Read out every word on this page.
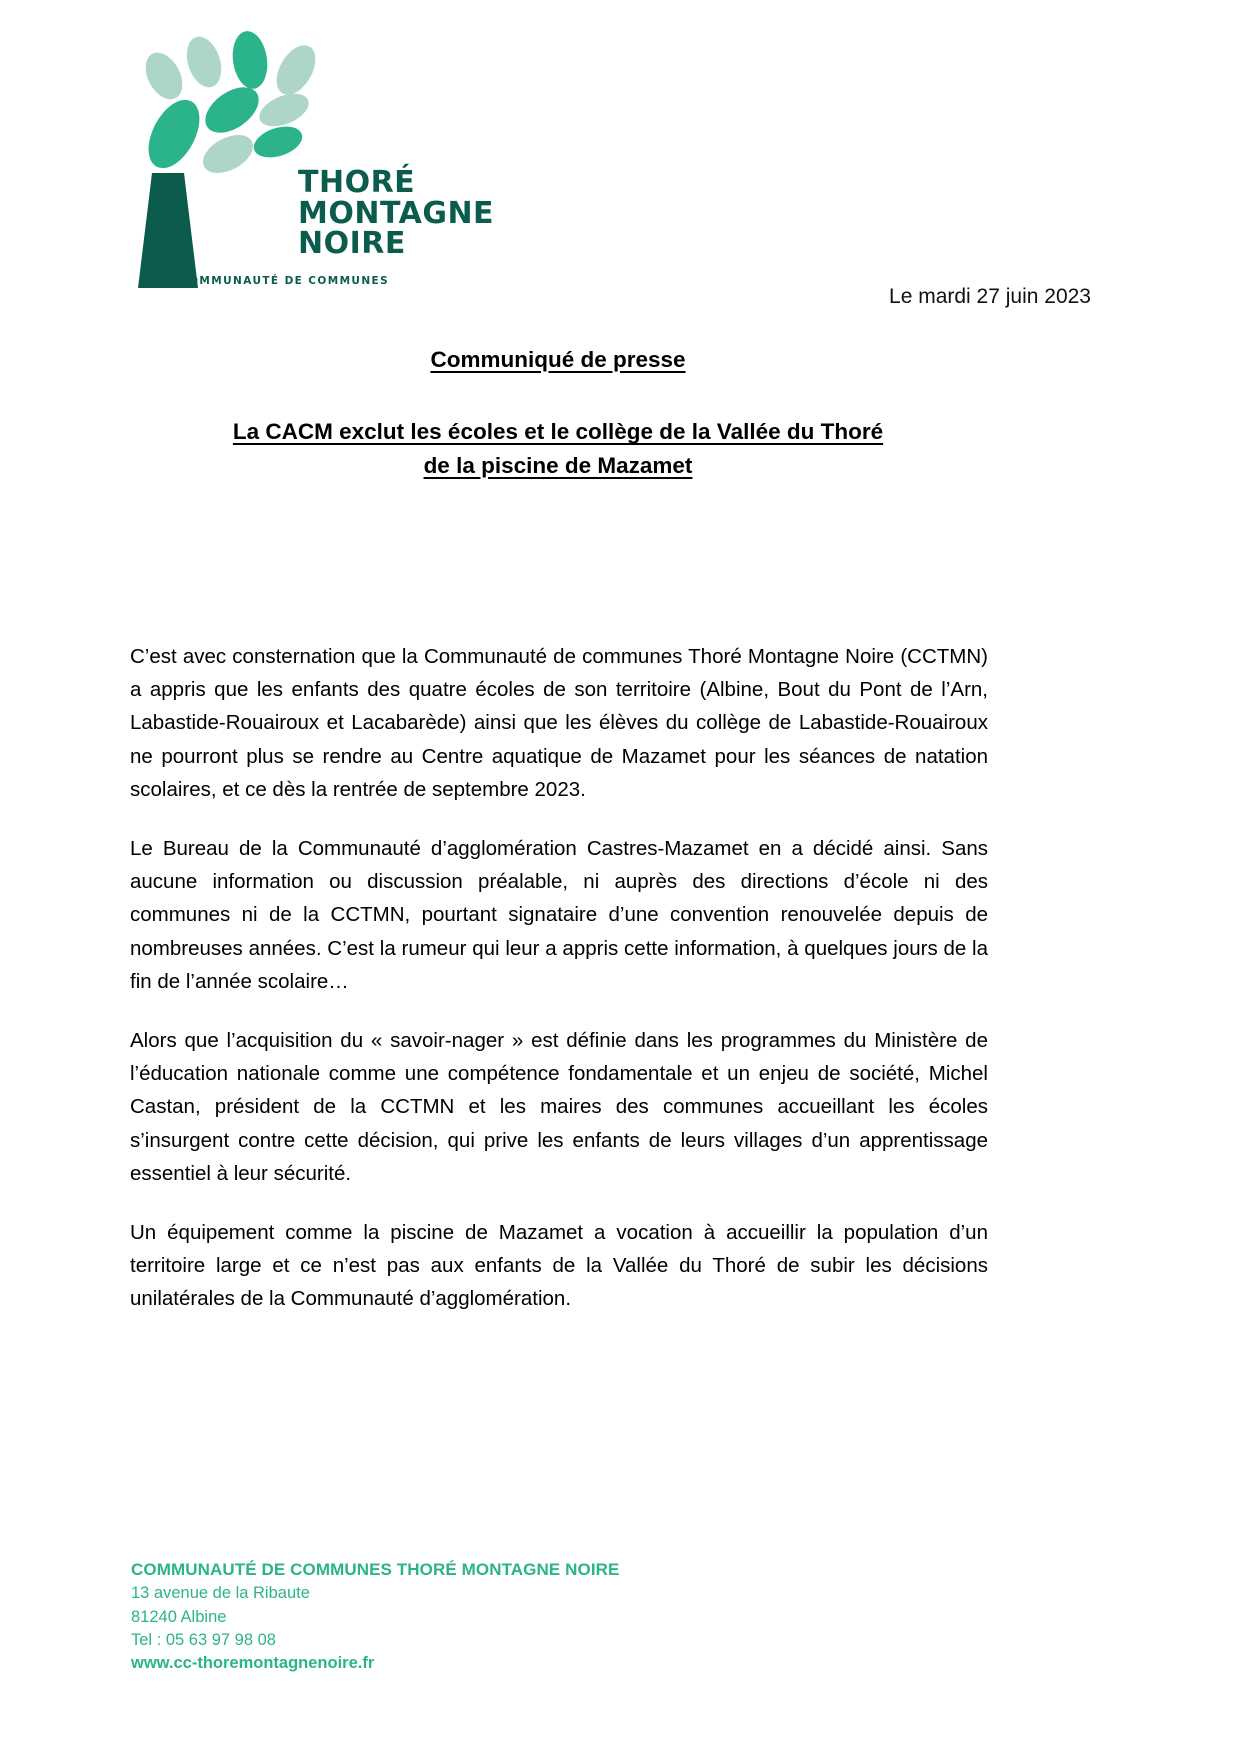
THORÉ
MONTAGNE
NOIRE
COMMUNAUTÉ DE COMMUNES
Le mardi 27 juin 2023
Communiqué de presse
La CACM exclut les écoles et le collège de la Vallée du Thoré
de la piscine de Mazamet

C’est avec consternation que la Communauté de communes Thoré Montagne Noire (CCTMN) a appris que les enfants des quatre écoles de son territoire (Albine, Bout du Pont de l’Arn, Labastide-Rouairoux et Lacabarède) ainsi que les élèves du collège de Labastide-Rouairoux ne pourront plus se rendre au Centre aquatique de Mazamet pour les séances de natation scolaires, et ce dès la rentrée de septembre 2023.

Le Bureau de la Communauté d’agglomération Castres-Mazamet en a décidé ainsi. Sans aucune information ou discussion préalable, ni auprès des directions d’école ni des communes ni de la CCTMN, pourtant signataire d’une convention renouvelée depuis de nombreuses années. C’est la rumeur qui leur a appris cette information, à quelques jours de la fin de l’année scolaire…

Alors que l’acquisition du « savoir-nager » est définie dans les programmes du Ministère de l’éducation nationale comme une compétence fondamentale et un enjeu de société, Michel Castan, président de la CCTMN et les maires des communes accueillant les écoles s’insurgent contre cette décision, qui prive les enfants de leurs villages d’un apprentissage essentiel à leur sécurité.

Un équipement comme la piscine de Mazamet a vocation à accueillir la population d’un territoire large et ce n’est pas aux enfants de la Vallée du Thoré de subir les décisions unilatérales de la Communauté d’agglomération.

COMMUNAUTÉ DE COMMUNES THORÉ MONTAGNE NOIRE
13 avenue de la Ribaute
81240 Albine
Tel : 05 63 97 98 08
www.cc-thoremontagnenoire.fr
